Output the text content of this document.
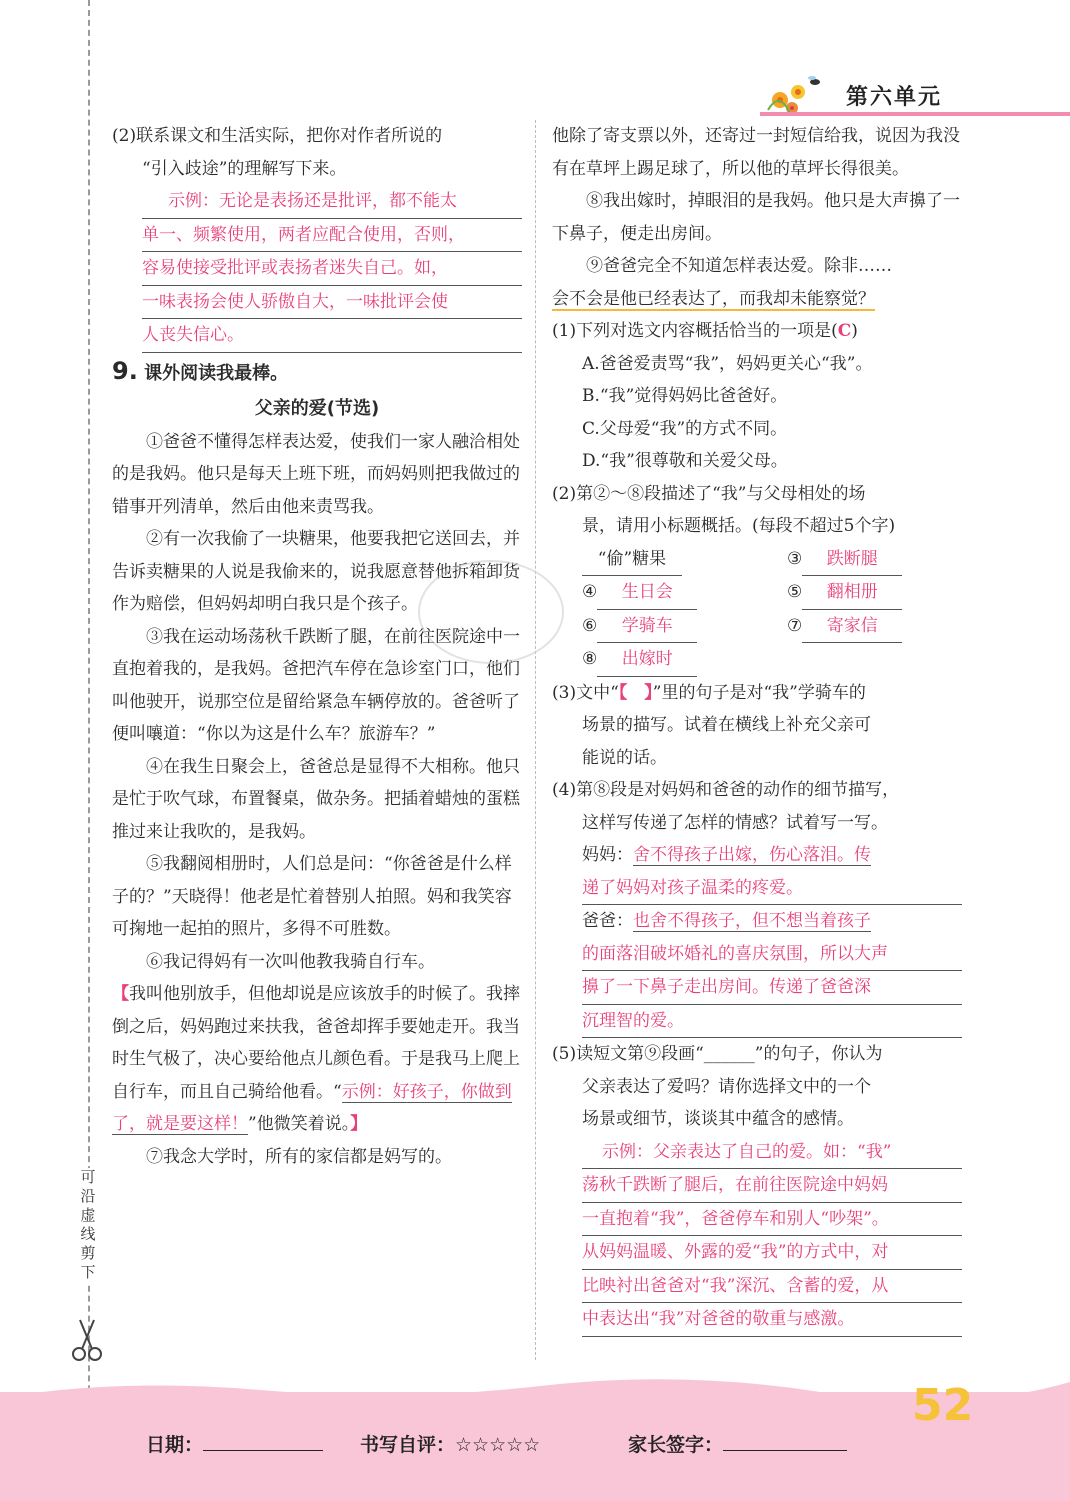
可沿虚线剪下
第六单元

(2)联系课文和生活实际，把你对作者所说的

“引入歧途”的理解写下来。

示例：无论是表扬还是批评，都不能太

单一、频繁使用，两者应配合使用，否则，

容易使接受批评或表扬者迷失自己。如，

一味表扬会使人骄傲自大，一味批评会使

人丧失信心。

9. 课外阅读我最棒。
父亲的爱(节选)

①爸爸不懂得怎样表达爱，使我们一家人融洽相处的是我妈。他只是每天上班下班，而妈妈则把我做过的错事开列清单，然后由他来责骂我。

②有一次我偷了一块糖果，他要我把它送回去，并告诉卖糖果的人说是我偷来的，说我愿意替他拆箱卸货作为赔偿，但妈妈却明白我只是个孩子。

③我在运动场荡秋千跌断了腿，在前往医院途中一直抱着我的，是我妈。爸把汽车停在急诊室门口，他们叫他驶开，说那空位是留给紧急车辆停放的。爸爸听了便叫嚷道：“你以为这是什么车？旅游车？”

④在我生日聚会上，爸爸总是显得不大相称。他只是忙于吹气球，布置餐桌，做杂务。把插着蜡烛的蛋糕推过来让我吹的，是我妈。

⑤我翻阅相册时，人们总是问：“你爸爸是什么样子的？”天晓得！他老是忙着替别人拍照。妈和我笑容可掬地一起拍的照片，多得不可胜数。

⑥我记得妈有一次叫他教我骑自行车。

【我叫他别放手，但他却说是应该放手的时候了。我摔倒之后，妈妈跑过来扶我，爸爸却挥手要她走开。我当时生气极了，决心要给他点儿颜色看。于是我马上爬上自行车，而且自己骑给他看。“示例：好孩子，你做到了，就是要这样！”他微笑着说。】

⑦我念大学时，所有的家信都是妈写的。

他除了寄支票以外，还寄过一封短信给我，说因为我没有在草坪上踢足球了，所以他的草坪长得很美。

⑧我出嫁时，掉眼泪的是我妈。他只是大声擤了一下鼻子，便走出房间。

⑨爸爸完全不知道怎样表达爱。除非……

会不会是他已经表达了，而我却未能察觉？

(1)下列对选文内容概括恰当的一项是(C)

A.爸爸爱责骂“我”，妈妈更关心“我”。

B.“我”觉得妈妈比爸爸好。

C.父母爱“我”的方式不同。

D.“我”很尊敬和关爱父母。

(2)第②～⑧段描述了“我”与父母相处的场

景，请用小标题概括。(每段不超过5个字)

“偷”糖果	③ 跌断腿
④ 生日会	⑤ 翻相册
⑥ 学骑车	⑦ 寄家信
⑧ 出嫁时

(3)文中“【　】”里的句子是对“我”学骑车的

场景的描写。试着在横线上补充父亲可

能说的话。

(4)第⑧段是对妈妈和爸爸的动作的细节描写，

这样写传递了怎样的情感？试着写一写。

妈妈：舍不得孩子出嫁，伤心落泪。传

递了妈妈对孩子温柔的疼爱。

爸爸：也舍不得孩子，但不想当着孩子

的面落泪破坏婚礼的喜庆氛围，所以大声

擤了一下鼻子走出房间。传递了爸爸深

沉理智的爱。

(5)读短文第⑨段画“______”的句子，你认为

父亲表达了爱吗？请你选择文中的一个

场景或细节，谈谈其中蕴含的感情。

示例：父亲表达了自己的爱。如：“我”

荡秋千跌断了腿后，在前往医院途中妈妈

一直抱着“我”，爸爸停车和别人“吵架”。

从妈妈温暖、外露的爱“我”的方式中，对

比映衬出爸爸对“我”深沉、含蓄的爱，从

中表达出“我”对爸爸的敬重与感激。

日期：	书写自评：☆☆☆☆☆	家长签字：
52
